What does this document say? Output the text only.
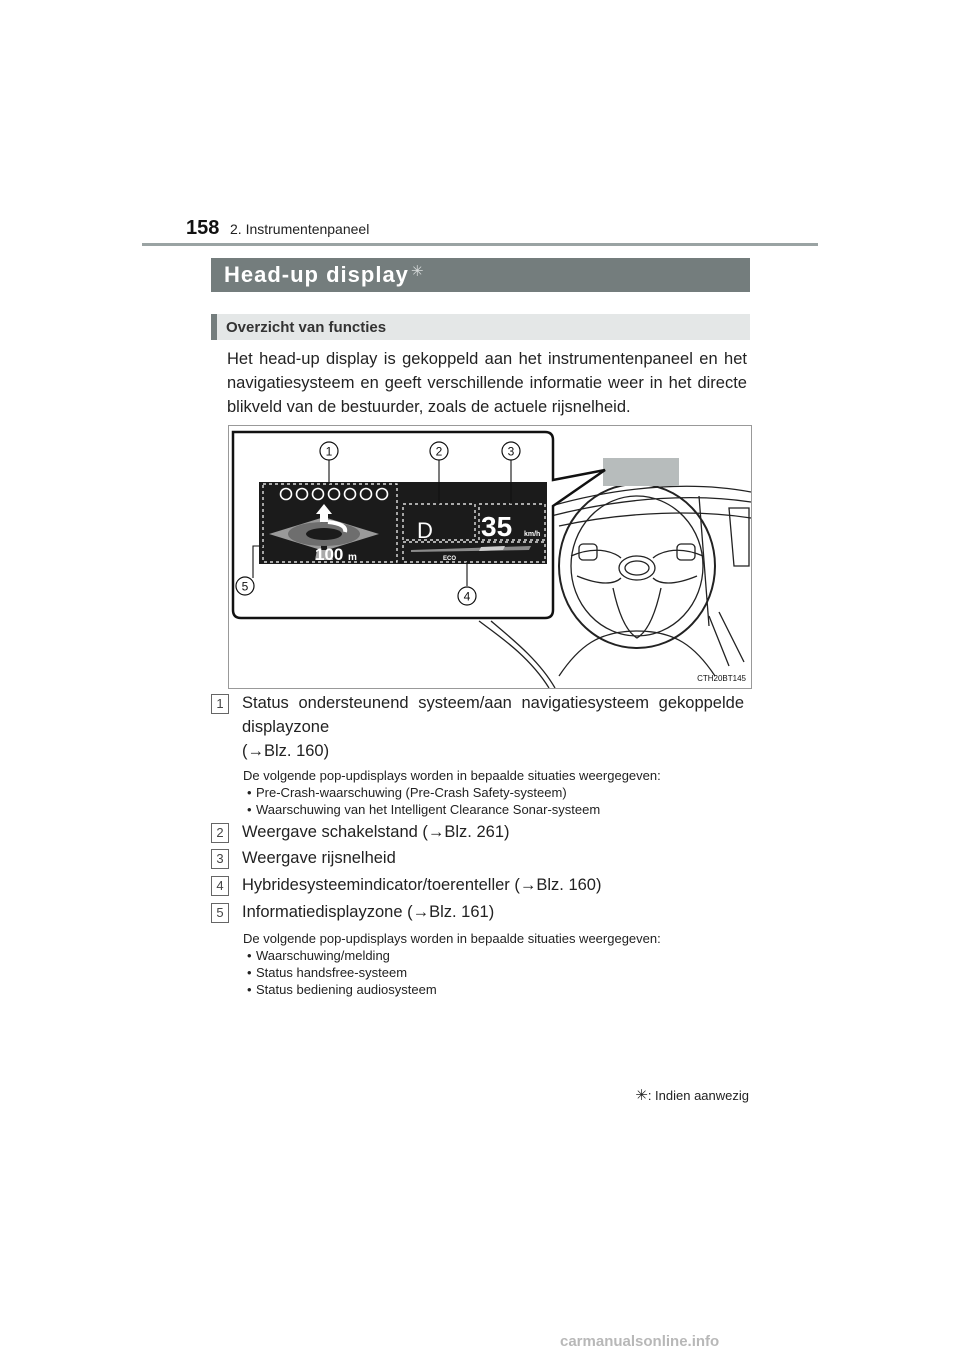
158 2. Instrumentenpaneel
Head-up display ✳
Overzicht van functies
Het head-up display is gekoppeld aan het instrumentenpaneel en het navigatiesysteem en geeft verschillende informatie weer in het directe blikveld van de bestuurder, zoals de actuele rijsnelheid.
100 m
D 35 km/h
ECO
1	2	3
4
5
CTH20BT145
1	Status ondersteunend systeem/aan navigatiesysteem gekoppelde displayzone
(→Blz. 160)
De volgende pop-updisplays worden in bepaalde situaties weergegeven:
• Pre-Crash-waarschuwing (Pre-Crash Safety-systeem)
• Waarschuwing van het Intelligent Clearance Sonar-systeem
2	Weergave schakelstand (→Blz. 261)
3	Weergave rijsnelheid
4	Hybridesysteemindicator/toerenteller (→Blz. 160)
5	Informatiedisplayzone (→Blz. 161)
De volgende pop-updisplays worden in bepaalde situaties weergegeven:
• Waarschuwing/melding
• Status handsfree-systeem
• Status bediening audiosysteem
✳: Indien aanwezig
carmanualsonline.info
